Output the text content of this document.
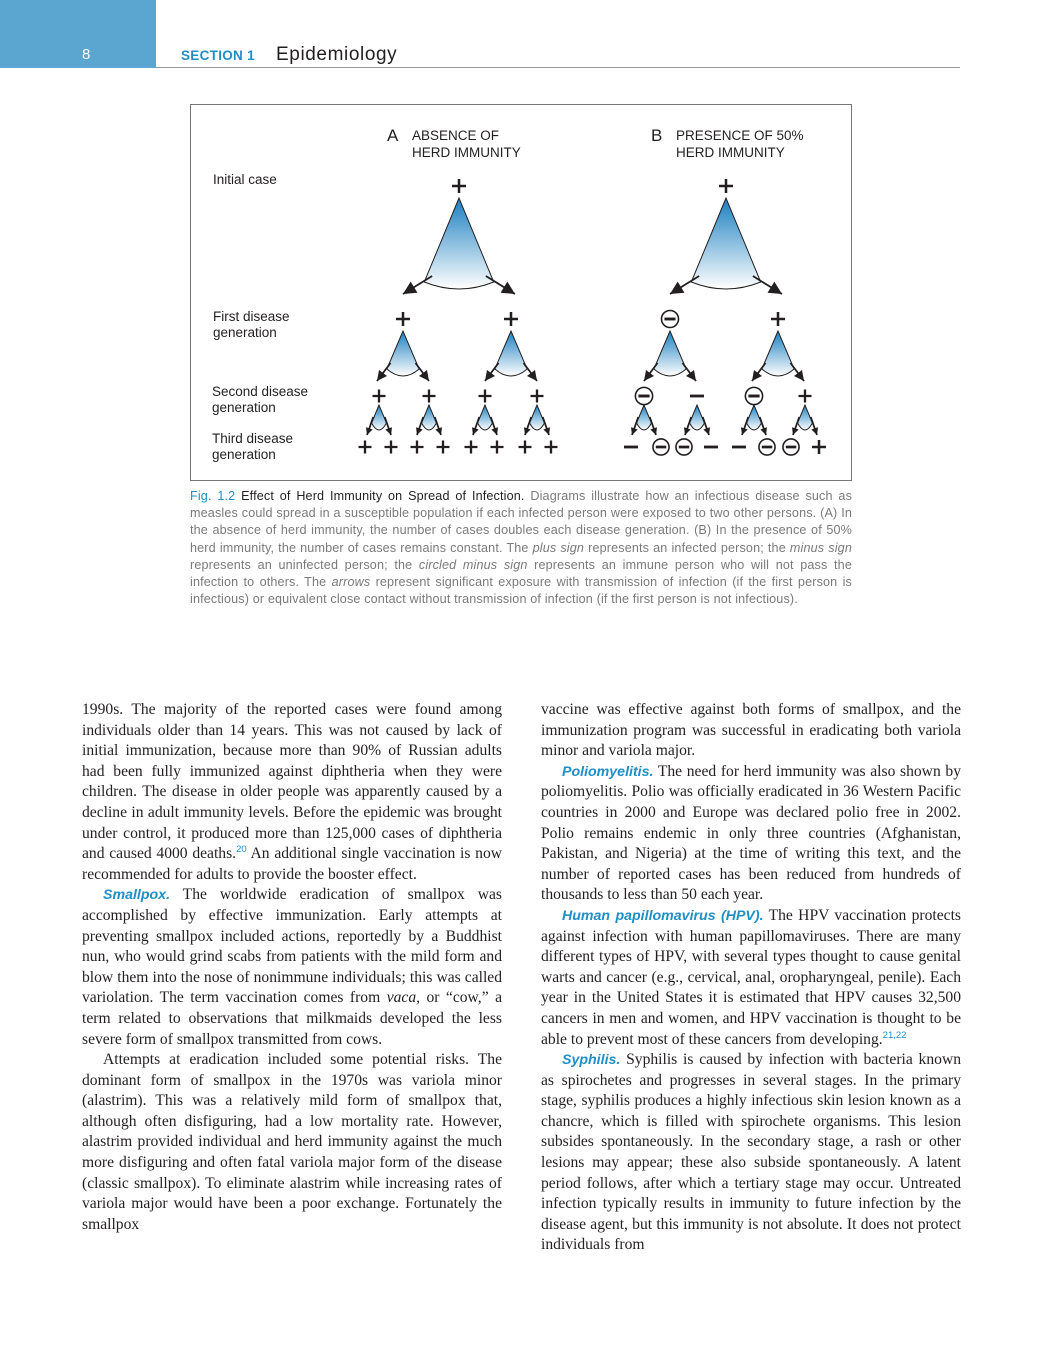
8	SECTION 1 Epidemiology
A ABSENCE OF
HERD IMMUNITY
B PRESENCE OF 50%
HERD IMMUNITY
Initial case
First disease
generation
Second disease
generation
Third disease
generation
Fig. 1.2 Effect of Herd Immunity on Spread of Infection. Diagrams illustrate how an infectious disease such as measles could spread in a susceptible population if each infected person were exposed to two other persons. (A) In the absence of herd immunity, the number of cases doubles each disease generation. (B) In the presence of 50% herd immunity, the number of cases remains constant. The plus sign represents an infected person; the minus sign represents an uninfected person; the circled minus sign represents an immune person who will not pass the infection to others. The arrows represent significant exposure with transmission of infection (if the first person is infectious) or equivalent close contact without transmission of infection (if the first person is not infectious).

1990s. The majority of the reported cases were found among individuals older than 14 years. This was not caused by lack of initial immunization, because more than 90% of Russian adults had been fully immunized against diphtheria when they were children. The disease in older people was apparently caused by a decline in adult immunity levels. Before the epidemic was brought under control, it produced more than 125,000 cases of diphtheria and caused 4000 deaths.$^{20}$ An additional single vaccination is now recommended for adults to provide the booster effect.

Smallpox. The worldwide eradication of smallpox was accomplished by effective immunization. Early attempts at preventing smallpox included actions, reportedly by a Buddhist nun, who would grind scabs from patients with the mild form and blow them into the nose of nonimmune individuals; this was called variolation. The term vaccination comes from vaca, or “cow,” a term related to observations that milkmaids developed the less severe form of smallpox transmitted from cows.

Attempts at eradication included some potential risks. The dominant form of smallpox in the 1970s was variola minor (alastrim). This was a relatively mild form of smallpox that, although often disfiguring, had a low mortality rate. However, alastrim provided individual and herd immunity against the much more disfiguring and often fatal variola major form of the disease (classic smallpox). To eliminate alastrim while increasing rates of variola major would have been a poor exchange. Fortunately the smallpox

vaccine was effective against both forms of smallpox, and the immunization program was successful in eradicating both variola minor and variola major.

Poliomyelitis. The need for herd immunity was also shown by poliomyelitis. Polio was officially eradicated in 36 Western Pacific countries in 2000 and Europe was declared polio free in 2002. Polio remains endemic in only three countries (Afghanistan, Pakistan, and Nigeria) at the time of writing this text, and the number of reported cases has been reduced from hundreds of thousands to less than 50 each year.

Human papillomavirus (HPV). The HPV vaccination protects against infection with human papillomaviruses. There are many different types of HPV, with several types thought to cause genital warts and cancer (e.g., cervical, anal, oropharyngeal, penile). Each year in the United States it is estimated that HPV causes 32,500 cancers in men and women, and HPV vaccination is thought to be able to prevent most of these cancers from developing.$^{21,22}$

Syphilis. Syphilis is caused by infection with bacteria known as spirochetes and progresses in several stages. In the primary stage, syphilis produces a highly infectious skin lesion known as a chancre, which is filled with spirochete organisms. This lesion subsides spontaneously. In the secondary stage, a rash or other lesions may appear; these also subside spontaneously. A latent period follows, after which a tertiary stage may occur. Untreated infection typically results in immunity to future infection by the disease agent, but this immunity is not absolute. It does not protect individuals from
